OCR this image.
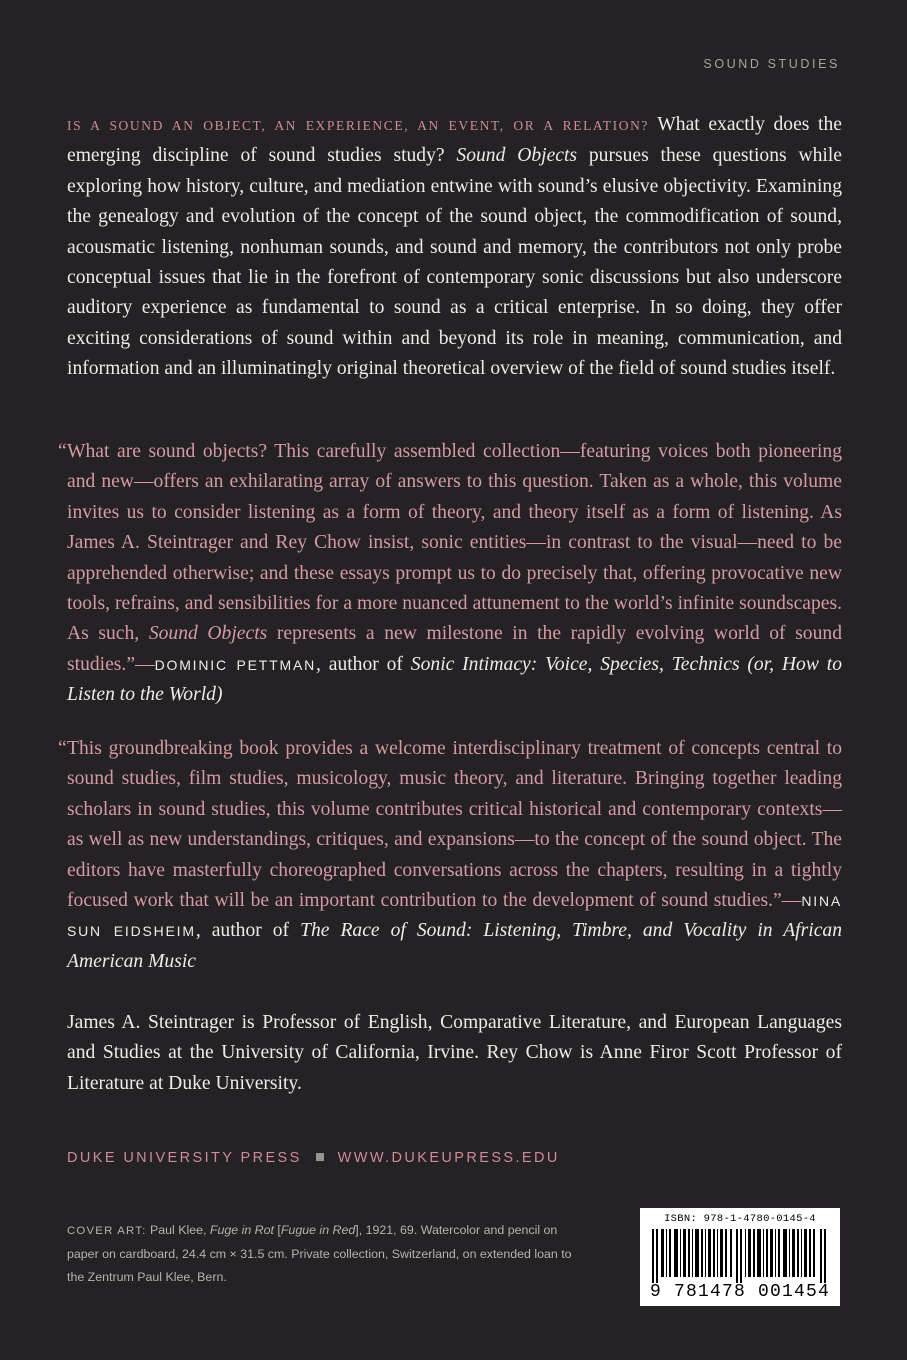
SOUND STUDIES

IS A SOUND AN OBJECT, AN EXPERIENCE, AN EVENT, OR A RELATION? What exactly does the emerging discipline of sound studies study? Sound Objects pursues these questions while exploring how history, culture, and mediation entwine with sound’s elusive objectivity. Examining the genealogy and evolution of the concept of the sound object, the commodification of sound, acousmatic listening, nonhuman sounds, and sound and memory, the contributors not only probe conceptual issues that lie in the forefront of contemporary sonic discussions but also underscore auditory experience as fundamental to sound as a critical enterprise. In so doing, they offer exciting considerations of sound within and beyond its role in meaning, communication, and information and an illuminatingly original theoretical overview of the field of sound studies itself.

“ What are sound objects? This carefully assembled collection—featuring voices both pioneering and new—offers an exhilarating array of answers to this question. Taken as a whole, this volume invites us to consider listening as a form of theory, and theory itself as a form of listening. As James A. Steintrager and Rey Chow insist, sonic entities—in contrast to the visual—need to be apprehended otherwise; and these essays prompt us to do precisely that, offering provocative new tools, refrains, and sensibilities for a more nuanced attunement to the world’s infinite soundscapes. As such, Sound Objects represents a new milestone in the rapidly evolving world of sound studies.”—DOMINIC PETTMAN, author of Sonic Intimacy: Voice, Species, Technics (or, How to Listen to the World)

“ This groundbreaking book provides a welcome interdisciplinary treatment of concepts central to sound studies, film studies, musicology, music theory, and literature. Bringing together leading scholars in sound studies, this volume contributes critical historical and contemporary contexts—as well as new understandings, critiques, and expansions—to the concept of the sound object. The editors have masterfully choreographed conversations across the chapters, resulting in a tightly focused work that will be an important contribution to the development of sound studies.”—NINA SUN EIDSHEIM, author of The Race of Sound: Listening, Timbre, and Vocality in African American Music

James A. Steintrager is Professor of English, Comparative Literature, and European Languages and Studies at the University of California, Irvine. Rey Chow is Anne Firor Scott Professor of Literature at Duke University.

DUKE UNIVERSITY PRESS WWW.DUKEUPRESS.EDU
COVER ART: Paul Klee, Fuge in Rot [Fugue in Red], 1921, 69. Watercolor and pencil on paper on cardboard, 24.4 cm × 31.5 cm. Private collection, Switzerland, on extended loan to the Zentrum Paul Klee, Bern.
ISBN: 978-1-4780-0145-4
9 781478 001454
